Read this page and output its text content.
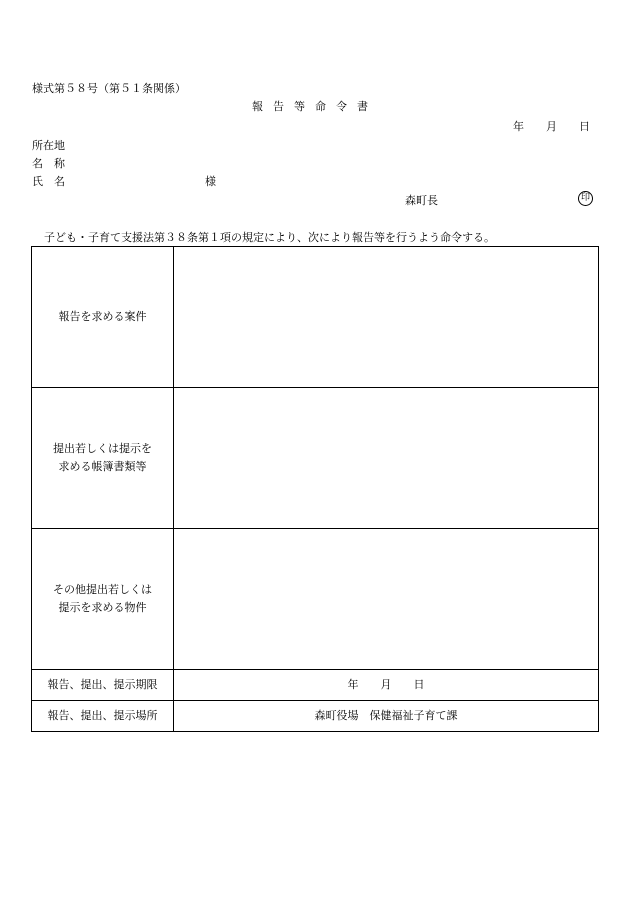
様式第５８号（第５１条関係）
報告等命令書
年 月 日
所在地
名　称
氏　名	様
森町長	印
子ども・子育て支援法第３８条第１項の規定により、次により報告等を行うよう命令する。
報告を求める案件	

提出若しくは提示を
求める帳簿書類等	

その他提出若しくは
提示を求める物件	

報告、提出、提示期限	年 月 日
報告、提出、提示場所	森町役場　保健福祉子育て課
